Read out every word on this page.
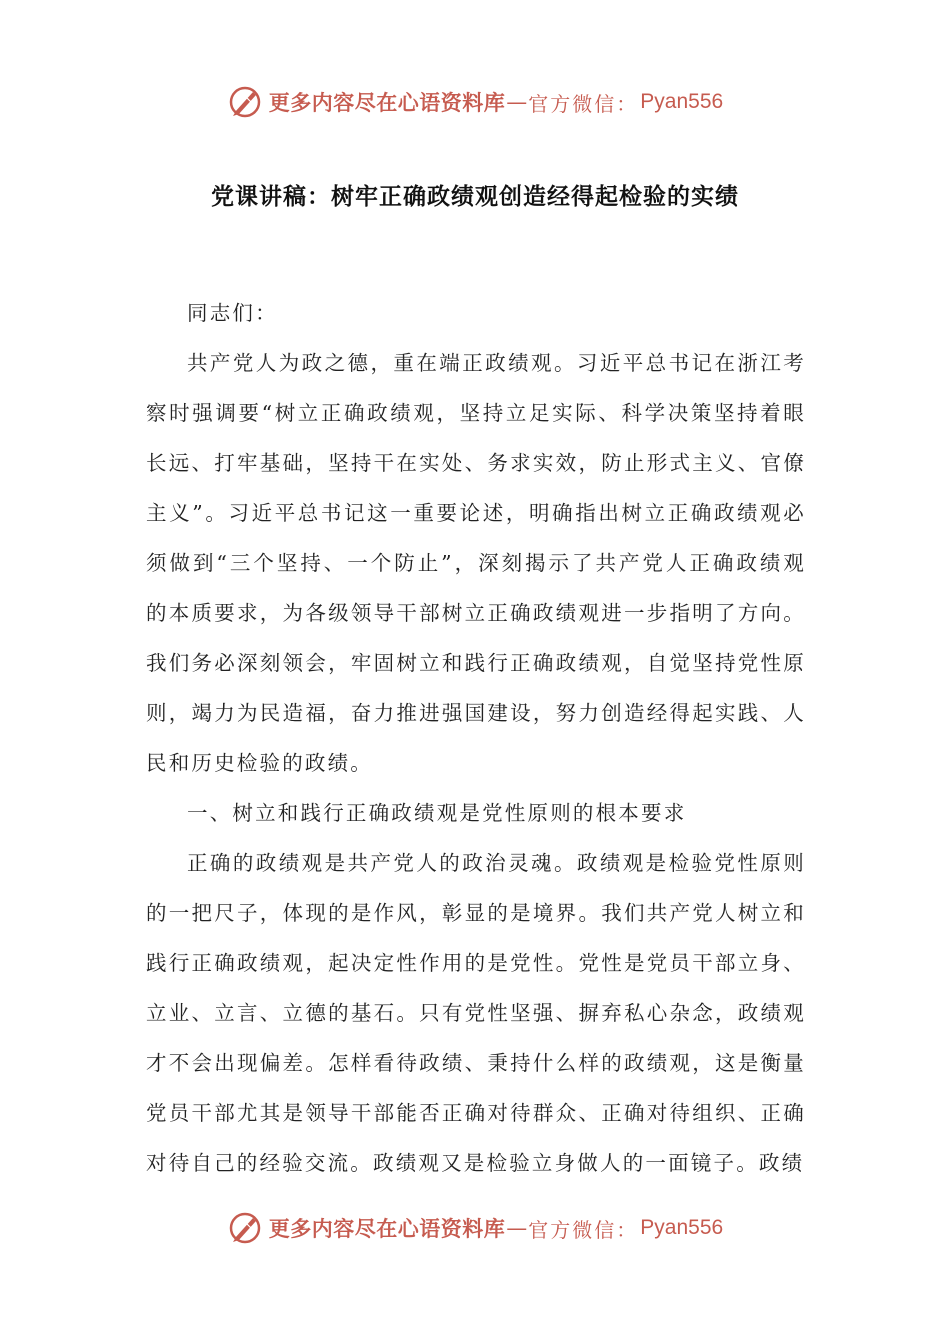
更多内容尽在心语资料库 — 官方微信： Pyan556
党课讲稿：树牢正确政绩观创造经得起检验的实绩

同志们：

共产党人为政之德，重在端正政绩观。习近平总书记在浙江考察时强调要“树立正确政绩观，坚持立足实际、科学决策坚持着眼长远、打牢基础，坚持干在实处、务求实效，防止形式主义、官僚主义”。习近平总书记这一重要论述，明确指出树立正确政绩观必须做到“三个坚持、一个防止”，深刻揭示了共产党人正确政绩观的本质要求，为各级领导干部树立正确政绩观进一步指明了方向。我们务必深刻领会，牢固树立和践行正确政绩观，自觉坚持党性原则，竭力为民造福，奋力推进强国建设，努力创造经得起实践、人民和历史检验的政绩。

一、树立和践行正确政绩观是党性原则的根本要求

正确的政绩观是共产党人的政治灵魂。政绩观是检验党性原则的一把尺子，体现的是作风，彰显的是境界。我们共产党人树立和践行正确政绩观，起决定性作用的是党性。党性是党员干部立身、立业、立言、立德的基石。只有党性坚强、摒弃私心杂念，政绩观才不会出现偏差。怎样看待政绩、秉持什么样的政绩观，这是衡量党员干部尤其是领导干部能否正确对待群众、正确对待组织、正确对待自己的经验交流。政绩观又是检验立身做人的一面镜子。政绩

更多内容尽在心语资料库 — 官方微信： Pyan556
